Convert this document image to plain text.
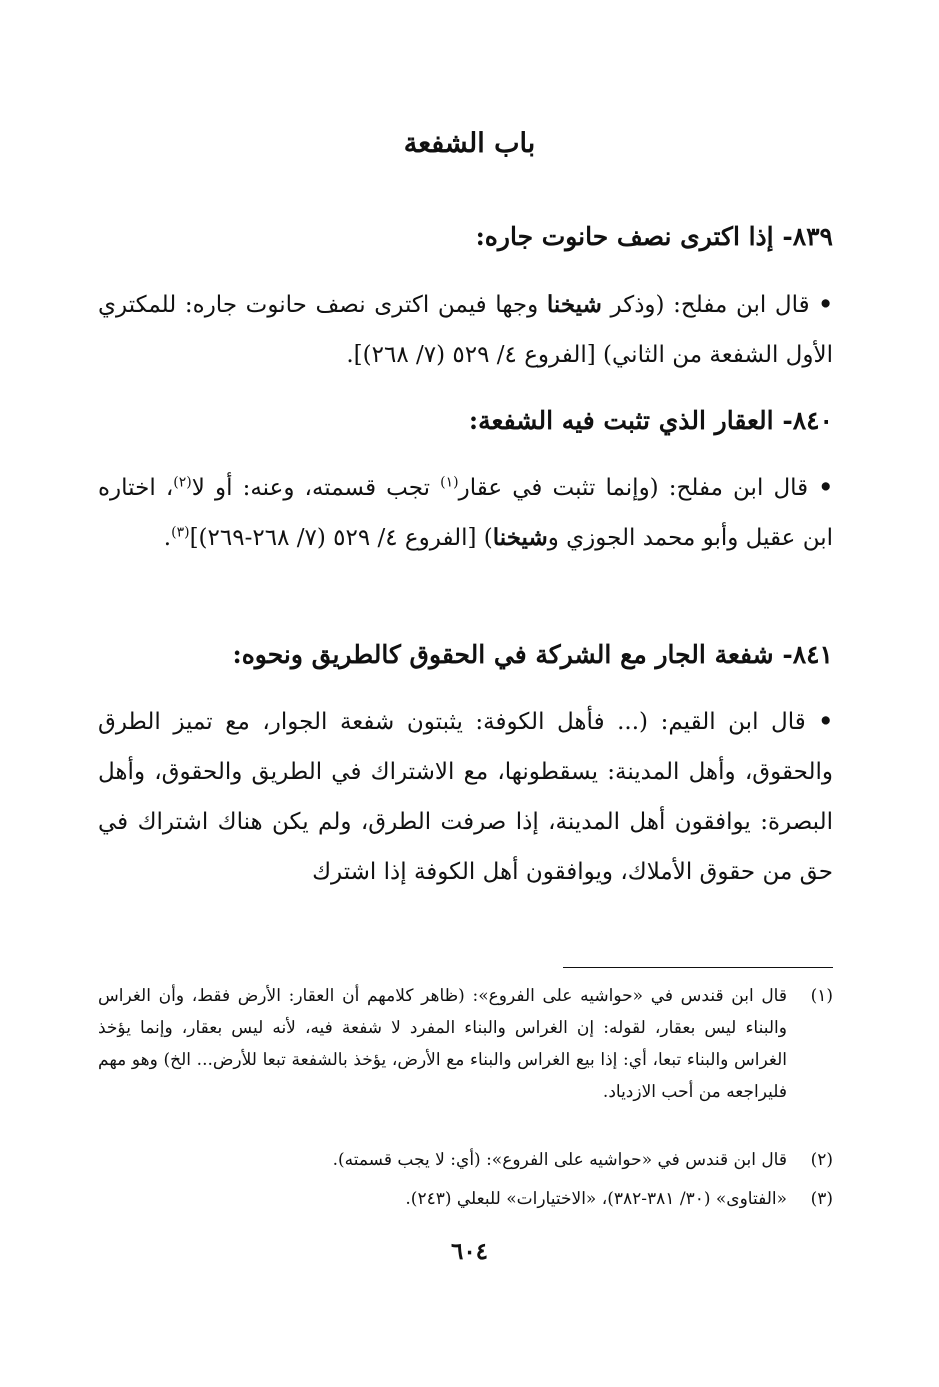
باب الشفعة
٨٣٩- إذا اكترى نصف حانوت جاره:
• قال ابن مفلح: (وذكر شيخنا وجها فيمن اكترى نصف حانوت جاره: للمكتري الأول الشفعة من الثاني) [الفروع ٤/ ٥٢٩ (٧/ ٢٦٨)].
٨٤٠- العقار الذي تثبت فيه الشفعة:
• قال ابن مفلح: (وإنما تثبت في عقار$^{(١)}$ تجب قسمته، وعنه: أو لا$^{(٢)}$، اختاره ابن عقيل وأبو محمد الجوزي وشيخنا) [الفروع ٤/ ٥٢٩ (٧/ ٢٦٨-٢٦٩)]$^{(٣)}$.
٨٤١- شفعة الجار مع الشركة في الحقوق كالطريق ونحوه:
• قال ابن القيم: (... فأهل الكوفة: يثبتون شفعة الجوار، مع تميز الطرق والحقوق، وأهل المدينة: يسقطونها، مع الاشتراك في الطريق والحقوق، وأهل البصرة: يوافقون أهل المدينة، إذا صرفت الطرق، ولم يكن هناك اشتراك في حق من حقوق الأملاك، ويوافقون أهل الكوفة إذا اشترك
(١)
قال ابن قندس في «حواشيه على الفروع»: (ظاهر كلامهم أن العقار: الأرض فقط، وأن الغراس والبناء ليس بعقار، لقوله: إن الغراس والبناء المفرد لا شفعة فيه، لأنه ليس بعقار، وإنما يؤخذ الغراس والبناء تبعا، أي: إذا بيع الغراس والبناء مع الأرض، يؤخذ بالشفعة تبعا للأرض... الخ) وهو مهم فليراجعه من أحب الازدياد.
(٢)
قال ابن قندس في «حواشيه على الفروع»: (أي: لا يجب قسمته).
(٣)
«الفتاوى» (٣٠/ ٣٨١-٣٨٢)، «الاختيارات» للبعلي (٢٤٣).
٦٠٤
